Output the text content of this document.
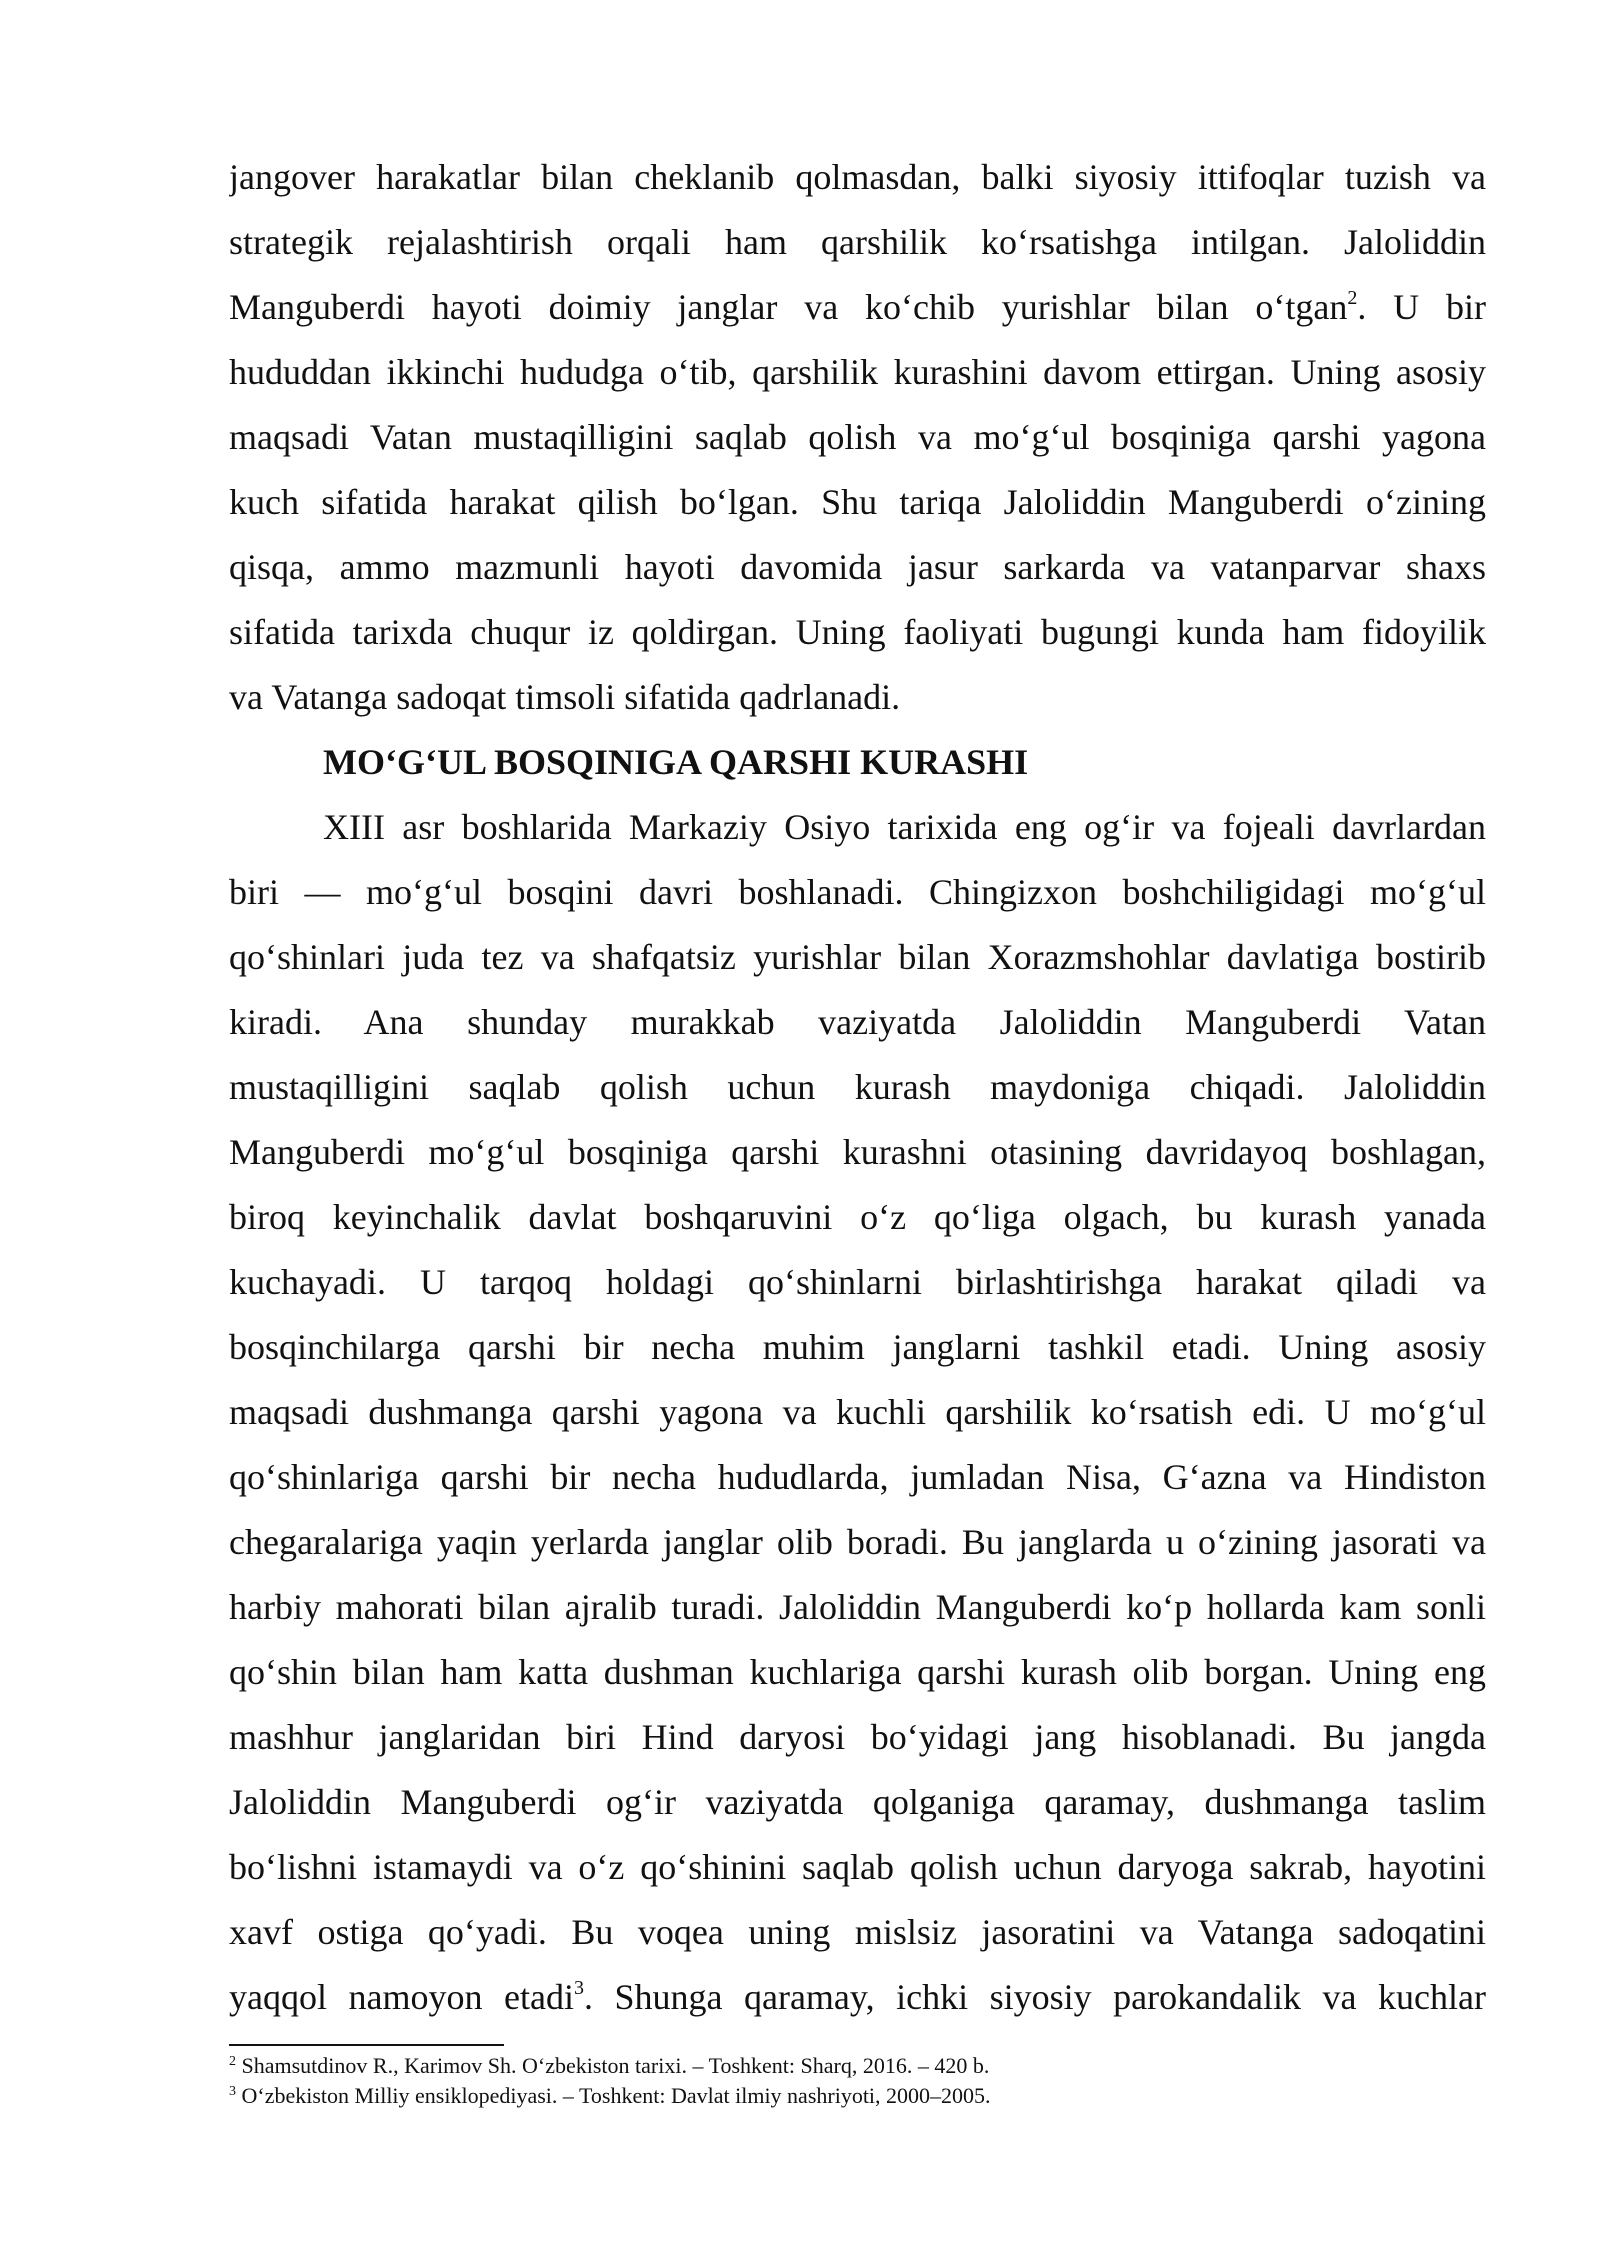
jangover harakatlar bilan cheklanib qolmasdan, balki siyosiy ittifoqlar tuzish va
strategik rejalashtirish orqali ham qarshilik ko‘rsatishga intilgan. Jaloliddin
Manguberdi hayoti doimiy janglar va ko‘chib yurishlar bilan o‘tgan$^2$. U bir
hududdan ikkinchi hududga o‘tib, qarshilik kurashini davom ettirgan. Uning asosiy
maqsadi Vatan mustaqilligini saqlab qolish va mo‘g‘ul bosqiniga qarshi yagona
kuch sifatida harakat qilish bo‘lgan. Shu tariqa Jaloliddin Manguberdi o‘zining
qisqa, ammo mazmunli hayoti davomida jasur sarkarda va vatanparvar shaxs
sifatida tarixda chuqur iz qoldirgan. Uning faoliyati bugungi kunda ham fidoyilik
va Vatanga sadoqat timsoli sifatida qadrlanadi.
MO‘G‘UL BOSQINIGA QARSHI KURASHI
XIII asr boshlarida Markaziy Osiyo tarixida eng og‘ir va fojeali davrlardan
biri — mo‘g‘ul bosqini davri boshlanadi. Chingizxon boshchiligidagi mo‘g‘ul
qo‘shinlari juda tez va shafqatsiz yurishlar bilan Xorazmshohlar davlatiga bostirib
kiradi. Ana shunday murakkab vaziyatda Jaloliddin Manguberdi Vatan
mustaqilligini saqlab qolish uchun kurash maydoniga chiqadi. Jaloliddin
Manguberdi mo‘g‘ul bosqiniga qarshi kurashni otasining davridayoq boshlagan,
biroq keyinchalik davlat boshqaruvini o‘z qo‘liga olgach, bu kurash yanada
kuchayadi. U tarqoq holdagi qo‘shinlarni birlashtirishga harakat qiladi va
bosqinchilarga qarshi bir necha muhim janglarni tashkil etadi. Uning asosiy
maqsadi dushmanga qarshi yagona va kuchli qarshilik ko‘rsatish edi. U mo‘g‘ul
qo‘shinlariga qarshi bir necha hududlarda, jumladan Nisa, G‘azna va Hindiston
chegaralariga yaqin yerlarda janglar olib boradi. Bu janglarda u o‘zining jasorati va
harbiy mahorati bilan ajralib turadi. Jaloliddin Manguberdi ko‘p hollarda kam sonli
qo‘shin bilan ham katta dushman kuchlariga qarshi kurash olib borgan. Uning eng
mashhur janglaridan biri Hind daryosi bo‘yidagi jang hisoblanadi. Bu jangda
Jaloliddin Manguberdi og‘ir vaziyatda qolganiga qaramay, dushmanga taslim
bo‘lishni istamaydi va o‘z qo‘shinini saqlab qolish uchun daryoga sakrab, hayotini
xavf ostiga qo‘yadi. Bu voqea uning mislsiz jasoratini va Vatanga sadoqatini
yaqqol namoyon etadi$^3$. Shunga qaramay, ichki siyosiy parokandalik va kuchlar
$^2$ Shamsutdinov R., Karimov Sh. O‘zbekiston tarixi. – Toshkent: Sharq, 2016. – 420 b.
$^3$ O‘zbekiston Milliy ensiklopediyasi. – Toshkent: Davlat ilmiy nashriyoti, 2000–2005.
